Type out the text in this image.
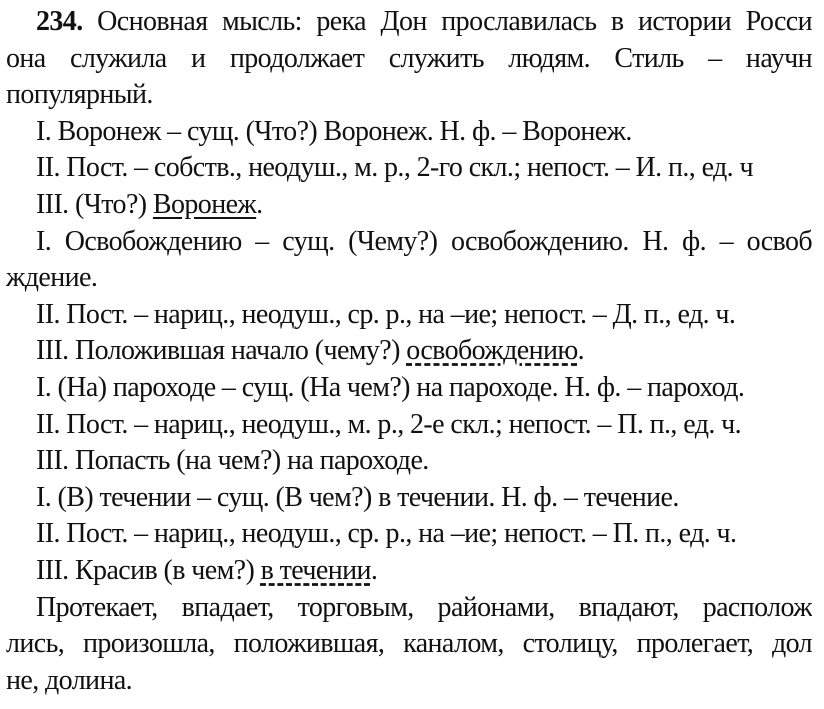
234. Основная мысль: река Дон прославилась в истории Росси
она служила и продолжает служить людям. Стиль – научн
популярный.
I. Воронеж – сущ. (Что?) Воронеж. Н. ф. – Воронеж.
II. Пост. – собств., неодуш., м. р., 2-го скл.; непост. – И. п., ед. ч
III. (Что?) Воронеж.
I. Освобождению – сущ. (Чему?) освобождению. Н. ф. – освоб
ждение.
II. Пост. – нариц., неодуш., ср. р., на –ие; непост. – Д. п., ед. ч.
III. Положившая начало (чему?) освобождению.
I. (На) пароходе – сущ. (На чем?) на пароходе. Н. ф. – пароход.
II. Пост. – нариц., неодуш., м. р., 2-е скл.; непост. – П. п., ед. ч.
III. Попасть (на чем?) на пароходе.
I. (В) течении – сущ. (В чем?) в течении. Н. ф. – течение.
II. Пост. – нариц., неодуш., ср. р., на –ие; непост. – П. п., ед. ч.
III. Красив (в чем?) в течении.
Протекает, впадает, торговым, районами, впадают, располож
лись, произошла, положившая, каналом, столицу, пролегает, дол
не, долина.
